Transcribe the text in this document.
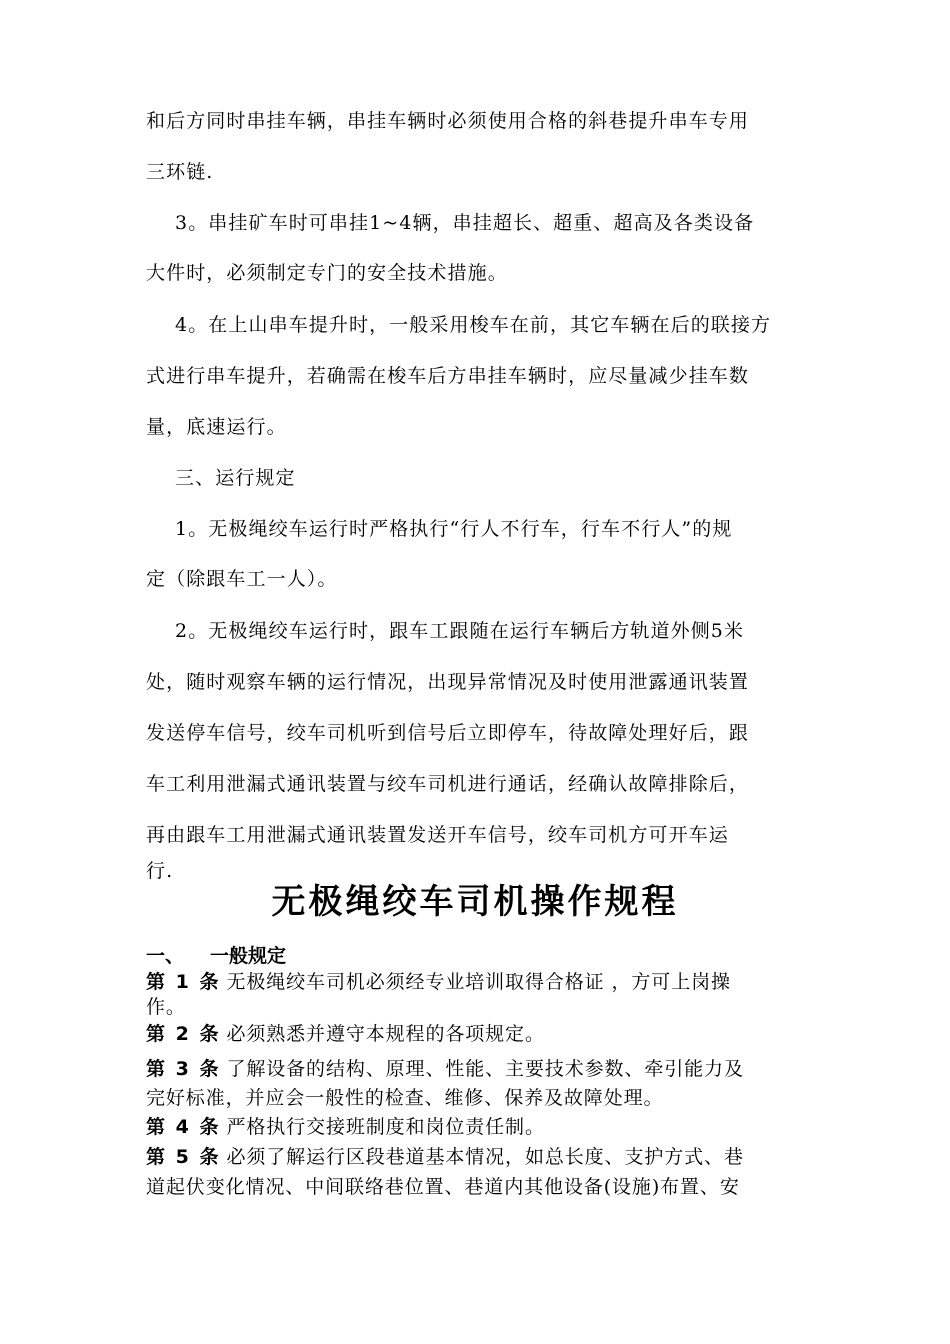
和后方同时串挂车辆，串挂车辆时必须使用合格的斜巷提升串车专用
三环链.
3。串挂矿车时可串挂1~4辆，串挂超长、超重、超高及各类设备
大件时，必须制定专门的安全技术措施。
4。在上山串车提升时，一般采用梭车在前，其它车辆在后的联接方
式进行串车提升，若确需在梭车后方串挂车辆时，应尽量减少挂车数
量，底速运行。
三、运行规定
1。无极绳绞车运行时严格执行“行人不行车，行车不行人”的规
定（除跟车工一人）。
2。无极绳绞车运行时，跟车工跟随在运行车辆后方轨道外侧5米
处，随时观察车辆的运行情况，出现异常情况及时使用泄露通讯装置
发送停车信号，绞车司机听到信号后立即停车，待故障处理好后，跟
车工利用泄漏式通讯装置与绞车司机进行通话，经确认故障排除后，
再由跟车工用泄漏式通讯装置发送开车信号，绞车司机方可开车运
行.
无极绳绞车司机操作规程
一、 一般规定
第 1 条 无极绳绞车司机必须经专业培训取得合格证 ，方可上岗操
作。
第 2 条 必须熟悉并遵守本规程的各项规定。
第 3 条 了解设备的结构、原理、性能、主要技术参数、牵引能力及
完好标准，并应会一般性的检查、维修、保养及故障处理。
第 4 条 严格执行交接班制度和岗位责任制。
第 5 条 必须了解运行区段巷道基本情况，如总长度、支护方式、巷
道起伏变化情况、中间联络巷位置、巷道内其他设备(设施)布置、安
